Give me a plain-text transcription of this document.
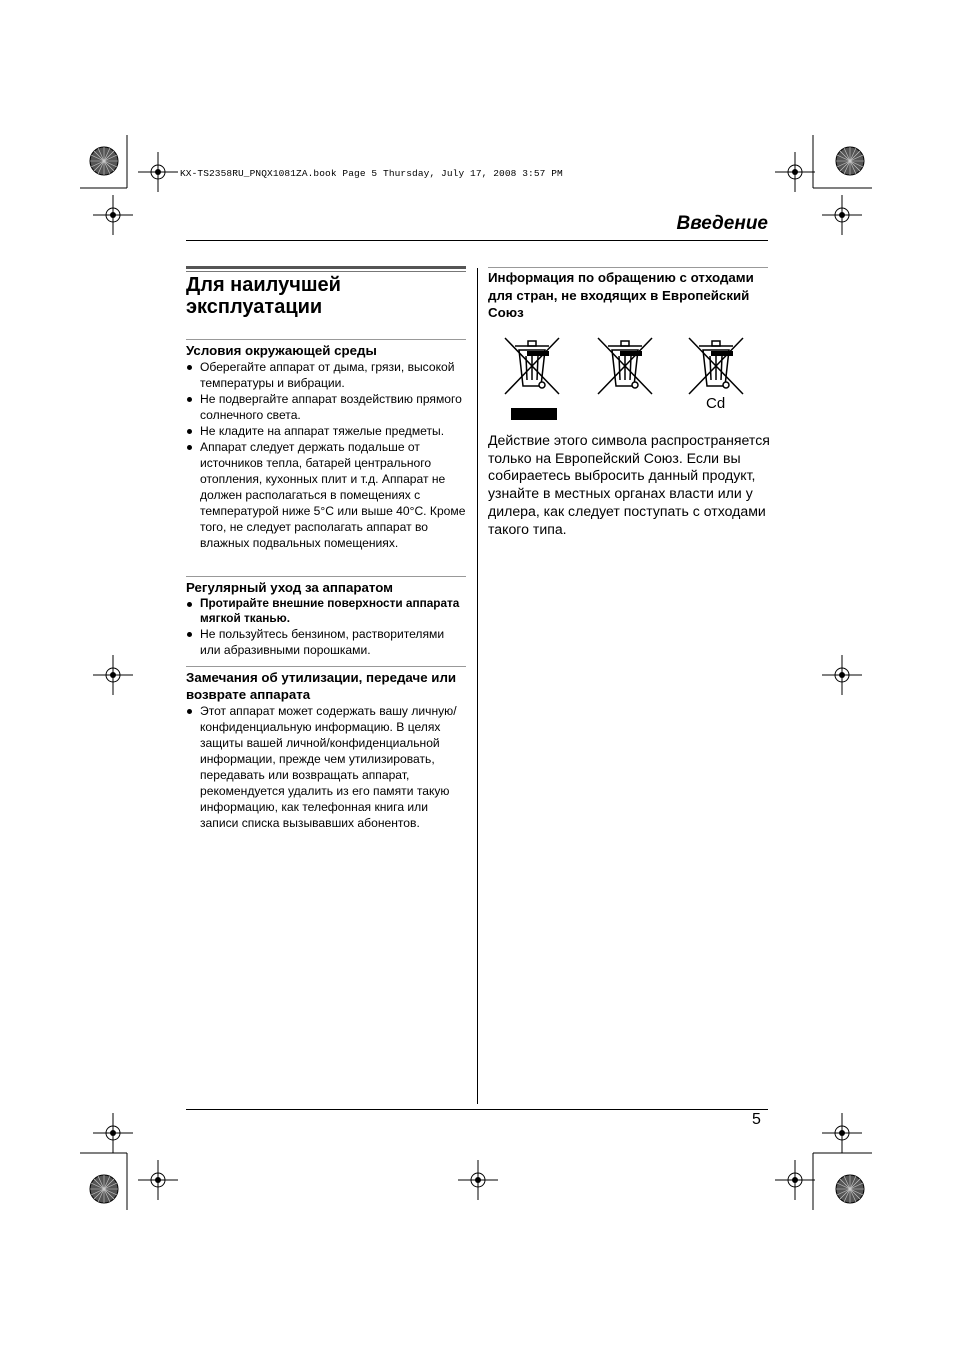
KX-TS2358RU_PNQX1081ZA.book Page 5 Thursday, July 17, 2008 3:57 PM
Введение
Для наилучшей
эксплуатации

Условия окружающей среды

Оберегайте аппарат от дыма, грязи, высокой температуры и вибрации.
Не подвергайте аппарат воздействию прямого солнечного света.
Не кладите на аппарат тяжелые предметы.
Аппарат следует держать подальше от источников тепла, батарей центрального отопления, кухонных плит и т.д. Аппарат не должен располагаться в помещениях с температурой ниже 5°C или выше 40°C. Кроме того, не следует располагать аппарат во влажных подвальных помещениях.

Регулярный уход за аппаратом

Протирайте внешние поверхности аппарата мягкой тканью.
Не пользуйтесь бензином, растворителями или абразивными порошками.

Замечания об утилизации, передаче или возврате аппарата

Этот аппарат может содержать вашу личную/конфиденциальную информацию. В целях защиты вашей личной/конфиденциальной информации, прежде чем утилизировать, передавать или возвращать аппарат, рекомендуется удалить из его памяти такую информацию, как телефонная книга или записи списка вызывавших абонентов.

Информация по обращению с отходами для стран, не входящих в Европейский Союз

Cd

Действие этого символа распространяется только на Европейский Союз. Если вы собираетесь выбросить данный продукт, узнайте в местных органах власти или у дилера, как следует поступать с отходами такого типа.

5
